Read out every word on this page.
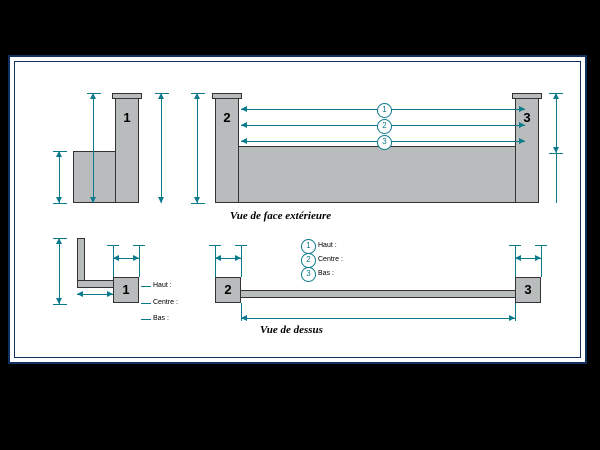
1	2	3
1
2
3
Vue de face extérieure
1	2	3
Haut :
Centre :
Bas :
1	Haut :
2	Centre :
3	Bas :
Vue de dessus
